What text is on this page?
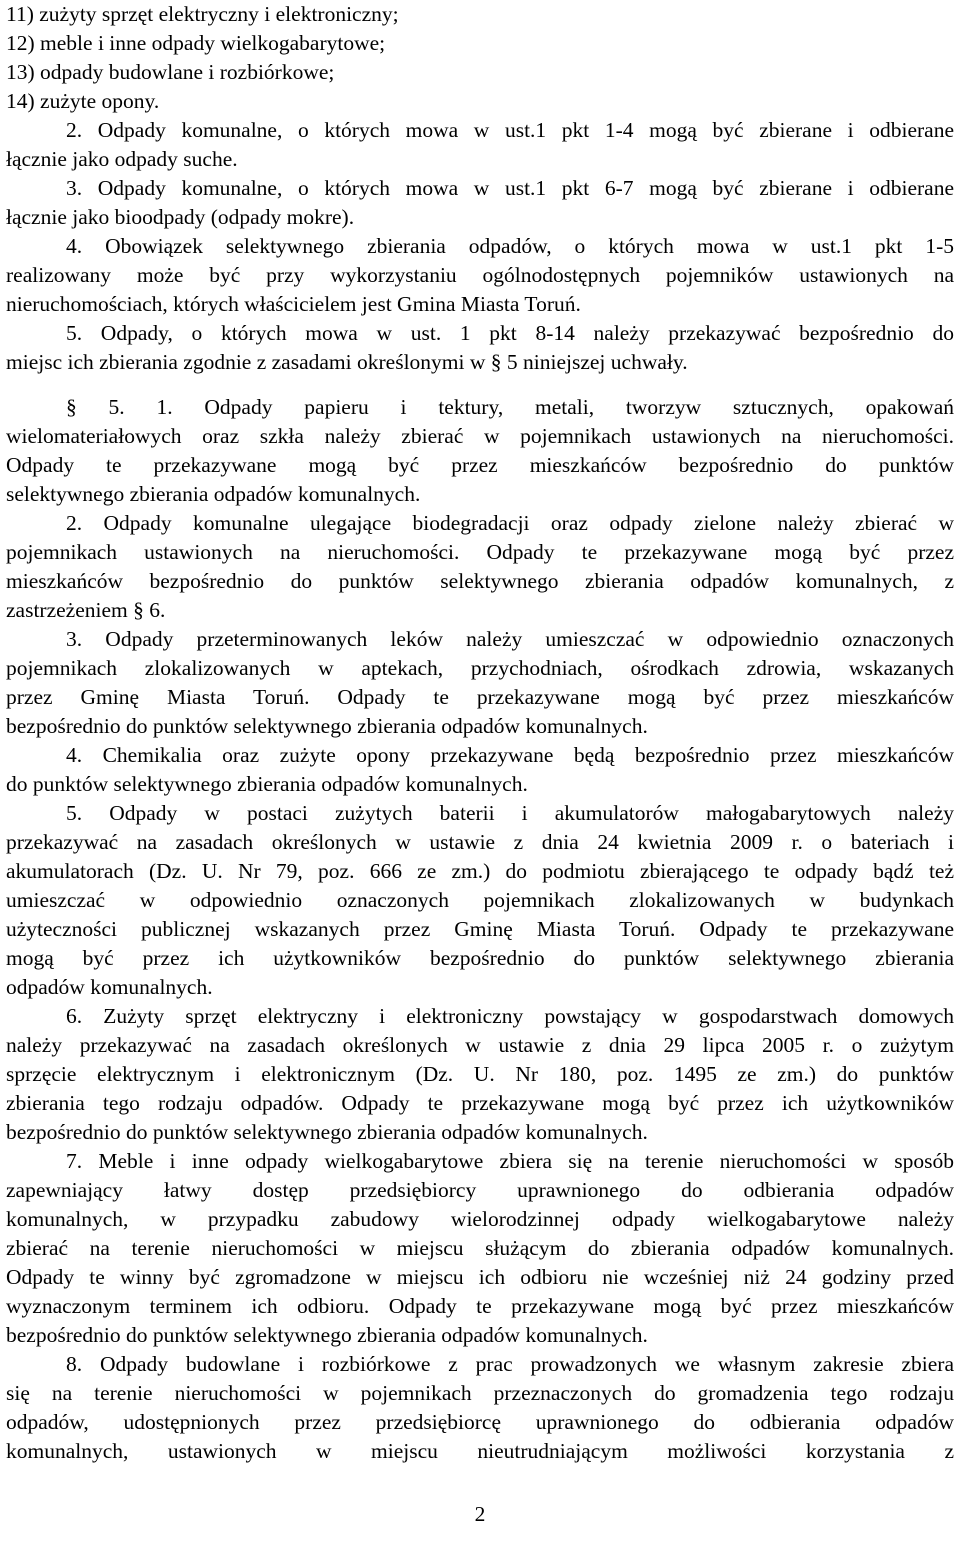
11) zużyty sprzęt elektryczny i elektroniczny;
12) meble i inne odpady wielkogabarytowe;
13) odpady budowlane i rozbiórkowe;
14) zużyte opony.
2. Odpady komunalne, o których mowa w ust.1 pkt 1-4 mogą być zbierane i odbierane
łącznie jako odpady suche.
3. Odpady komunalne, o których mowa w ust.1 pkt 6-7 mogą być zbierane i odbierane
łącznie jako bioodpady (odpady mokre).
4. Obowiązek selektywnego zbierania odpadów, o których mowa w ust.1 pkt 1-5
realizowany może być przy wykorzystaniu ogólnodostępnych pojemników ustawionych na
nieruchomościach, których właścicielem jest Gmina Miasta Toruń.
5. Odpady, o których mowa w ust. 1 pkt 8-14 należy przekazywać bezpośrednio do
miejsc ich zbierania zgodnie z zasadami określonymi w § 5 niniejszej uchwały.
§ 5. 1. Odpady papieru i tektury, metali, tworzyw sztucznych, opakowań
wielomateriałowych oraz szkła należy zbierać w pojemnikach ustawionych na nieruchomości.
Odpady te przekazywane mogą być przez mieszkańców bezpośrednio do punktów
selektywnego zbierania odpadów komunalnych.
2. Odpady komunalne ulegające biodegradacji oraz odpady zielone należy zbierać w
pojemnikach ustawionych na nieruchomości. Odpady te przekazywane mogą być przez
mieszkańców bezpośrednio do punktów selektywnego zbierania odpadów komunalnych, z
zastrzeżeniem § 6.
3. Odpady przeterminowanych leków należy umieszczać w odpowiednio oznaczonych
pojemnikach zlokalizowanych w aptekach, przychodniach, ośrodkach zdrowia, wskazanych
przez Gminę Miasta Toruń. Odpady te przekazywane mogą być przez mieszkańców
bezpośrednio do punktów selektywnego zbierania odpadów komunalnych.
4. Chemikalia oraz zużyte opony przekazywane będą bezpośrednio przez mieszkańców
do punktów selektywnego zbierania odpadów komunalnych.
5. Odpady w postaci zużytych baterii i akumulatorów małogabarytowych należy
przekazywać na zasadach określonych w ustawie z dnia 24 kwietnia 2009 r. o bateriach i
akumulatorach (Dz. U. Nr 79, poz. 666 ze zm.) do podmiotu zbierającego te odpady bądź też
umieszczać w odpowiednio oznaczonych pojemnikach zlokalizowanych w budynkach
użyteczności publicznej wskazanych przez Gminę Miasta Toruń. Odpady te przekazywane
mogą być przez ich użytkowników bezpośrednio do punktów selektywnego zbierania
odpadów komunalnych.
6. Zużyty sprzęt elektryczny i elektroniczny powstający w gospodarstwach domowych
należy przekazywać na zasadach określonych w ustawie z dnia 29 lipca 2005 r. o zużytym
sprzęcie elektrycznym i elektronicznym (Dz. U. Nr 180, poz. 1495 ze zm.) do punktów
zbierania tego rodzaju odpadów. Odpady te przekazywane mogą być przez ich użytkowników
bezpośrednio do punktów selektywnego zbierania odpadów komunalnych.
7. Meble i inne odpady wielkogabarytowe zbiera się na terenie nieruchomości w sposób
zapewniający łatwy dostęp przedsiębiorcy uprawnionego do odbierania odpadów
komunalnych, w przypadku zabudowy wielorodzinnej odpady wielkogabarytowe należy
zbierać na terenie nieruchomości w miejscu służącym do zbierania odpadów komunalnych.
Odpady te winny być zgromadzone w miejscu ich odbioru nie wcześniej niż 24 godziny przed
wyznaczonym terminem ich odbioru. Odpady te przekazywane mogą być przez mieszkańców
bezpośrednio do punktów selektywnego zbierania odpadów komunalnych.
8. Odpady budowlane i rozbiórkowe z prac prowadzonych we własnym zakresie zbiera
się na terenie nieruchomości w pojemnikach przeznaczonych do gromadzenia tego rodzaju
odpadów, udostępnionych przez przedsiębiorcę uprawnionego do odbierania odpadów
komunalnych, ustawionych w miejscu nieutrudniającym możliwości korzystania z
2
